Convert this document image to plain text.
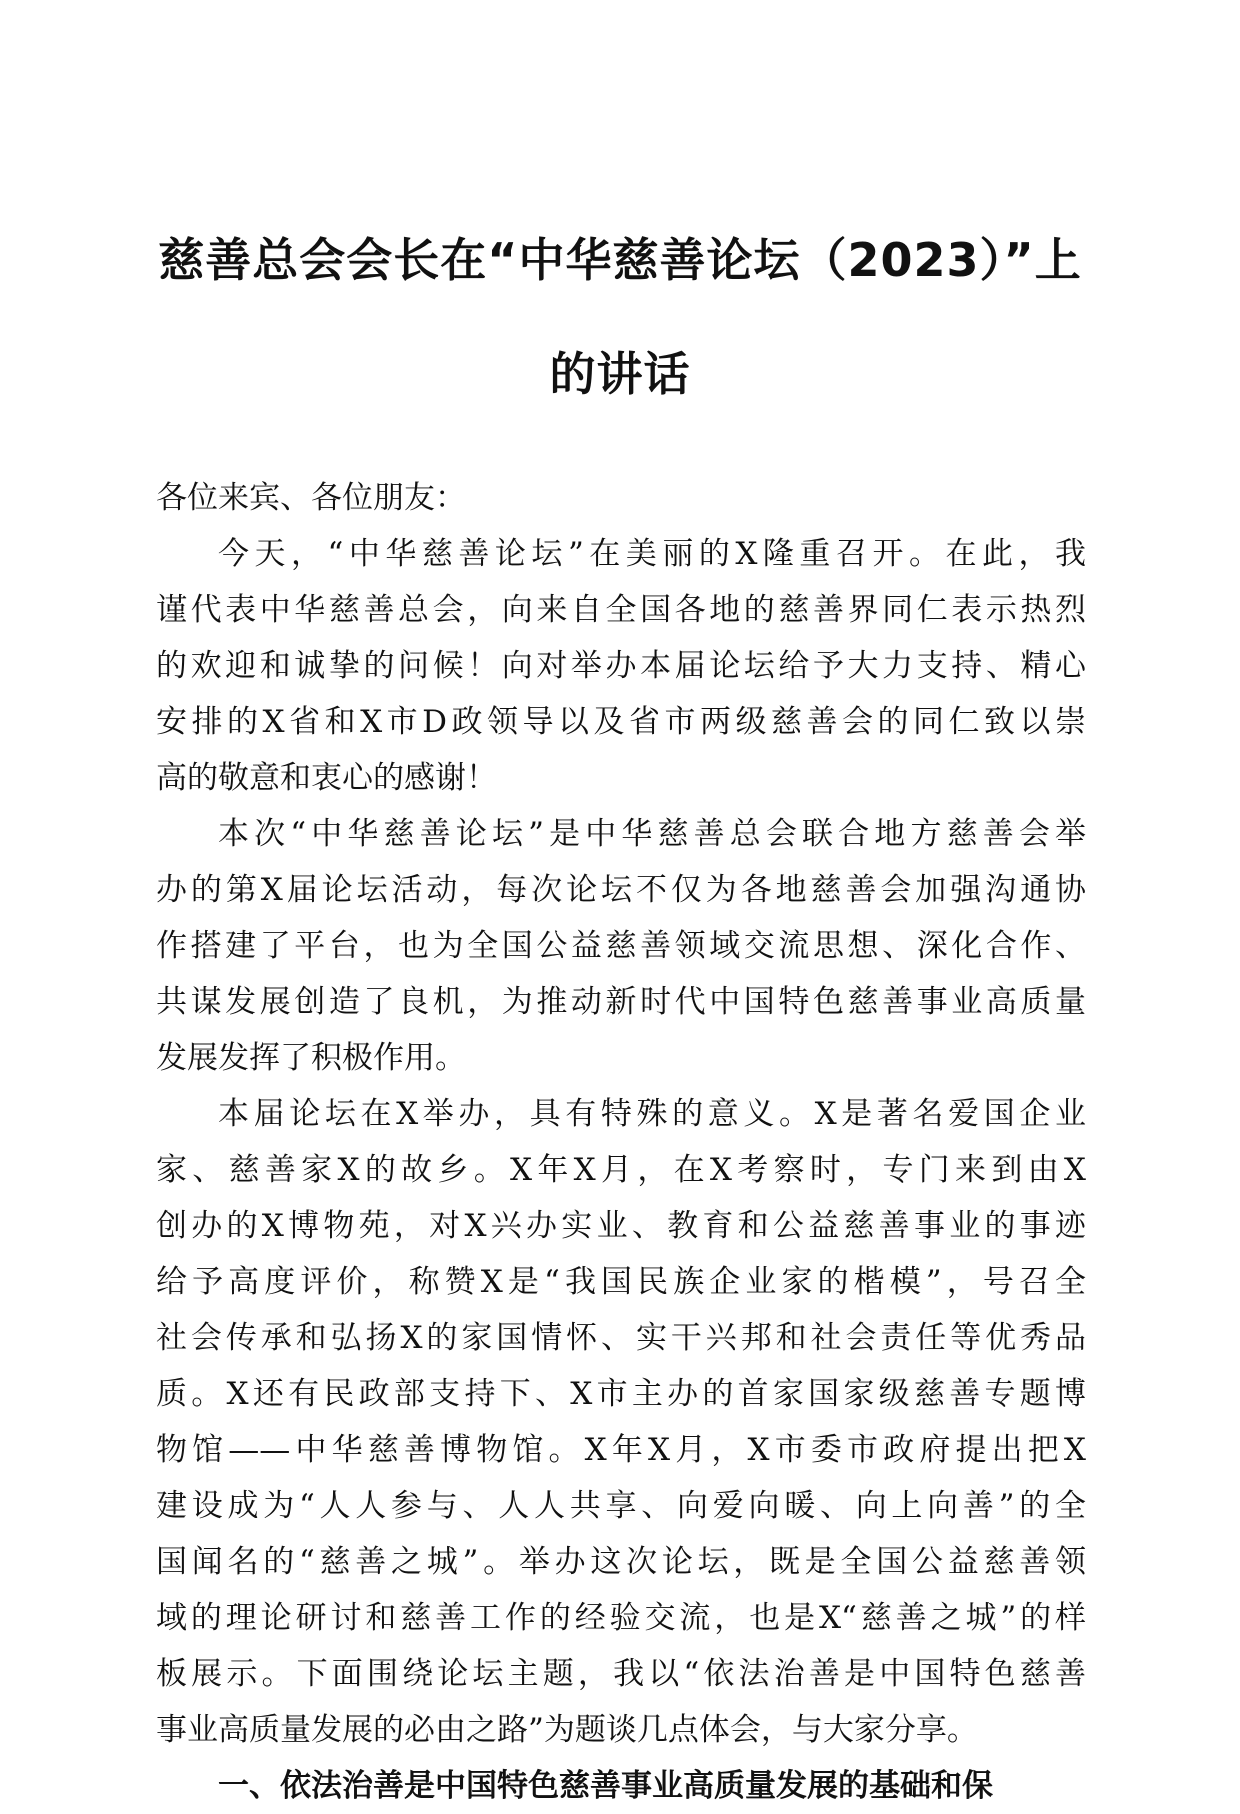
慈善总会会长在“中华慈善论坛（2023）”上
的讲话
各位来宾、各位朋友：
今天，“中华慈善论坛”在美丽的X隆重召开。在此，我
谨代表中华慈善总会，向来自全国各地的慈善界同仁表示热烈
的欢迎和诚挚的问候！向对举办本届论坛给予大力支持、精心
安排的X省和X市D政领导以及省市两级慈善会的同仁致以崇
高的敬意和衷心的感谢！
本次“中华慈善论坛”是中华慈善总会联合地方慈善会举
办的第X届论坛活动，每次论坛不仅为各地慈善会加强沟通协
作搭建了平台，也为全国公益慈善领域交流思想、深化合作、
共谋发展创造了良机，为推动新时代中国特色慈善事业高质量
发展发挥了积极作用。
本届论坛在X举办，具有特殊的意义。X是著名爱国企业
家、慈善家X的故乡。X年X月，在X考察时，专门来到由X
创办的X博物苑，对X兴办实业、教育和公益慈善事业的事迹
给予高度评价，称赞X是“我国民族企业家的楷模”，号召全
社会传承和弘扬X的家国情怀、实干兴邦和社会责任等优秀品
质。X还有民政部支持下、X市主办的首家国家级慈善专题博
物馆——中华慈善博物馆。X年X月，X市委市政府提出把X
建设成为“人人参与、人人共享、向爱向暖、向上向善”的全
国闻名的“慈善之城”。举办这次论坛，既是全国公益慈善领
域的理论研讨和慈善工作的经验交流，也是X“慈善之城”的样
板展示。下面围绕论坛主题，我以“依法治善是中国特色慈善
事业高质量发展的必由之路”为题谈几点体会，与大家分享。
一、依法治善是中国特色慈善事业高质量发展的基础和保
